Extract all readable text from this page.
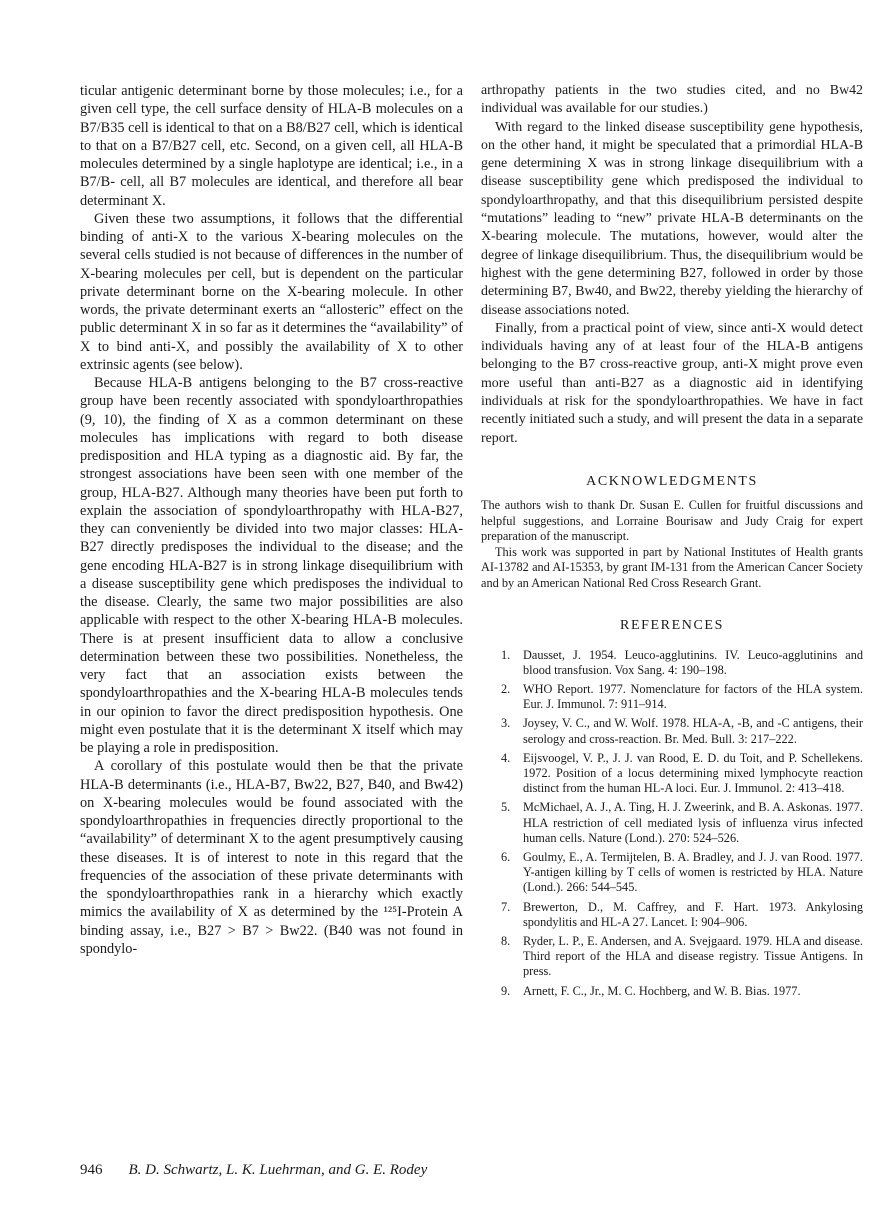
ticular antigenic determinant borne by those molecules; i.e., for a given cell type, the cell surface density of HLA-B molecules on a B7/B35 cell is identical to that on a B8/B27 cell, which is identical to that on a B7/B27 cell, etc. Second, on a given cell, all HLA-B molecules determined by a single haplotype are identical; i.e., in a B7/B- cell, all B7 molecules are identical, and therefore all bear determinant X.

Given these two assumptions, it follows that the differential binding of anti-X to the various X-bearing molecules on the several cells studied is not because of differences in the number of X-bearing molecules per cell, but is dependent on the particular private determinant borne on the X-bearing molecule. In other words, the private determinant exerts an “allosteric” effect on the public determinant X in so far as it determines the “availability” of X to bind anti-X, and possibly the availability of X to other extrinsic agents (see below).

Because HLA-B antigens belonging to the B7 cross-reactive group have been recently associated with spondyloarthropathies (9, 10), the finding of X as a common determinant on these molecules has implications with regard to both disease predisposition and HLA typing as a diagnostic aid. By far, the strongest associations have been seen with one member of the group, HLA-B27. Although many theories have been put forth to explain the association of spondyloarthropathy with HLA-B27, they can conveniently be divided into two major classes: HLA-B27 directly predisposes the individual to the disease; and the gene encoding HLA-B27 is in strong linkage disequilibrium with a disease susceptibility gene which predisposes the individual to the disease. Clearly, the same two major possibilities are also applicable with respect to the other X-bearing HLA-B molecules. There is at present insufficient data to allow a conclusive determination between these two possibilities. Nonetheless, the very fact that an association exists between the spondyloarthropathies and the X-bearing HLA-B molecules tends in our opinion to favor the direct predisposition hypothesis. One might even postulate that it is the determinant X itself which may be playing a role in predisposition.

A corollary of this postulate would then be that the private HLA-B determinants (i.e., HLA-B7, Bw22, B27, B40, and Bw42) on X-bearing molecules would be found associated with the spondyloarthropathies in frequencies directly proportional to the “availability” of determinant X to the agent presumptively causing these diseases. It is of interest to note in this regard that the frequencies of the association of these private determinants with the spondyloarthropathies rank in a hierarchy which exactly mimics the availability of X as determined by the ¹²⁵I-Protein A binding assay, i.e., B27 > B7 > Bw22. (B40 was not found in spondylo-

arthropathy patients in the two studies cited, and no Bw42 individual was available for our studies.)

With regard to the linked disease susceptibility gene hypothesis, on the other hand, it might be speculated that a primordial HLA-B gene determining X was in strong linkage disequilibrium with a disease susceptibility gene which predisposed the individual to spondyloarthropathy, and that this disequilibrium persisted despite “mutations” leading to “new” private HLA-B determinants on the X-bearing molecule. The mutations, however, would alter the degree of linkage disequilibrium. Thus, the disequilibrium would be highest with the gene determining B27, followed in order by those determining B7, Bw40, and Bw22, thereby yielding the hierarchy of disease associations noted.

Finally, from a practical point of view, since anti-X would detect individuals having any of at least four of the HLA-B antigens belonging to the B7 cross-reactive group, anti-X might prove even more useful than anti-B27 as a diagnostic aid in identifying individuals at risk for the spondyloarthropathies. We have in fact recently initiated such a study, and will present the data in a separate report.

ACKNOWLEDGMENTS

The authors wish to thank Dr. Susan E. Cullen for fruitful discussions and helpful suggestions, and Lorraine Bourisaw and Judy Craig for expert preparation of the manuscript.

This work was supported in part by National Institutes of Health grants AI-13782 and AI-15353, by grant IM-131 from the American Cancer Society and by an American National Red Cross Research Grant.

REFERENCES
1. Dausset, J. 1954. Leuco-agglutinins. IV. Leuco-agglutinins and blood transfusion. Vox Sang. 4: 190–198.
2. WHO Report. 1977. Nomenclature for factors of the HLA system. Eur. J. Immunol. 7: 911–914.
3. Joysey, V. C., and W. Wolf. 1978. HLA-A, -B, and -C antigens, their serology and cross-reaction. Br. Med. Bull. 3: 217–222.
4. Eijsvoogel, V. P., J. J. van Rood, E. D. du Toit, and P. Schellekens. 1972. Position of a locus determining mixed lymphocyte reaction distinct from the human HL-A loci. Eur. J. Immunol. 2: 413–418.
5. McMichael, A. J., A. Ting, H. J. Zweerink, and B. A. Askonas. 1977. HLA restriction of cell mediated lysis of influenza virus infected human cells. Nature (Lond.). 270: 524–526.
6. Goulmy, E., A. Termijtelen, B. A. Bradley, and J. J. van Rood. 1977. Y-antigen killing by T cells of women is restricted by HLA. Nature (Lond.). 266: 544–545.
7. Brewerton, D., M. Caffrey, and F. Hart. 1973. Ankylosing spondylitis and HL-A 27. Lancet. I: 904–906.
8. Ryder, L. P., E. Andersen, and A. Svejgaard. 1979. HLA and disease. Third report of the HLA and disease registry. Tissue Antigens. In press.
9. Arnett, F. C., Jr., M. C. Hochberg, and W. B. Bias. 1977.
946 B. D. Schwartz, L. K. Luehrman, and G. E. Rodey
